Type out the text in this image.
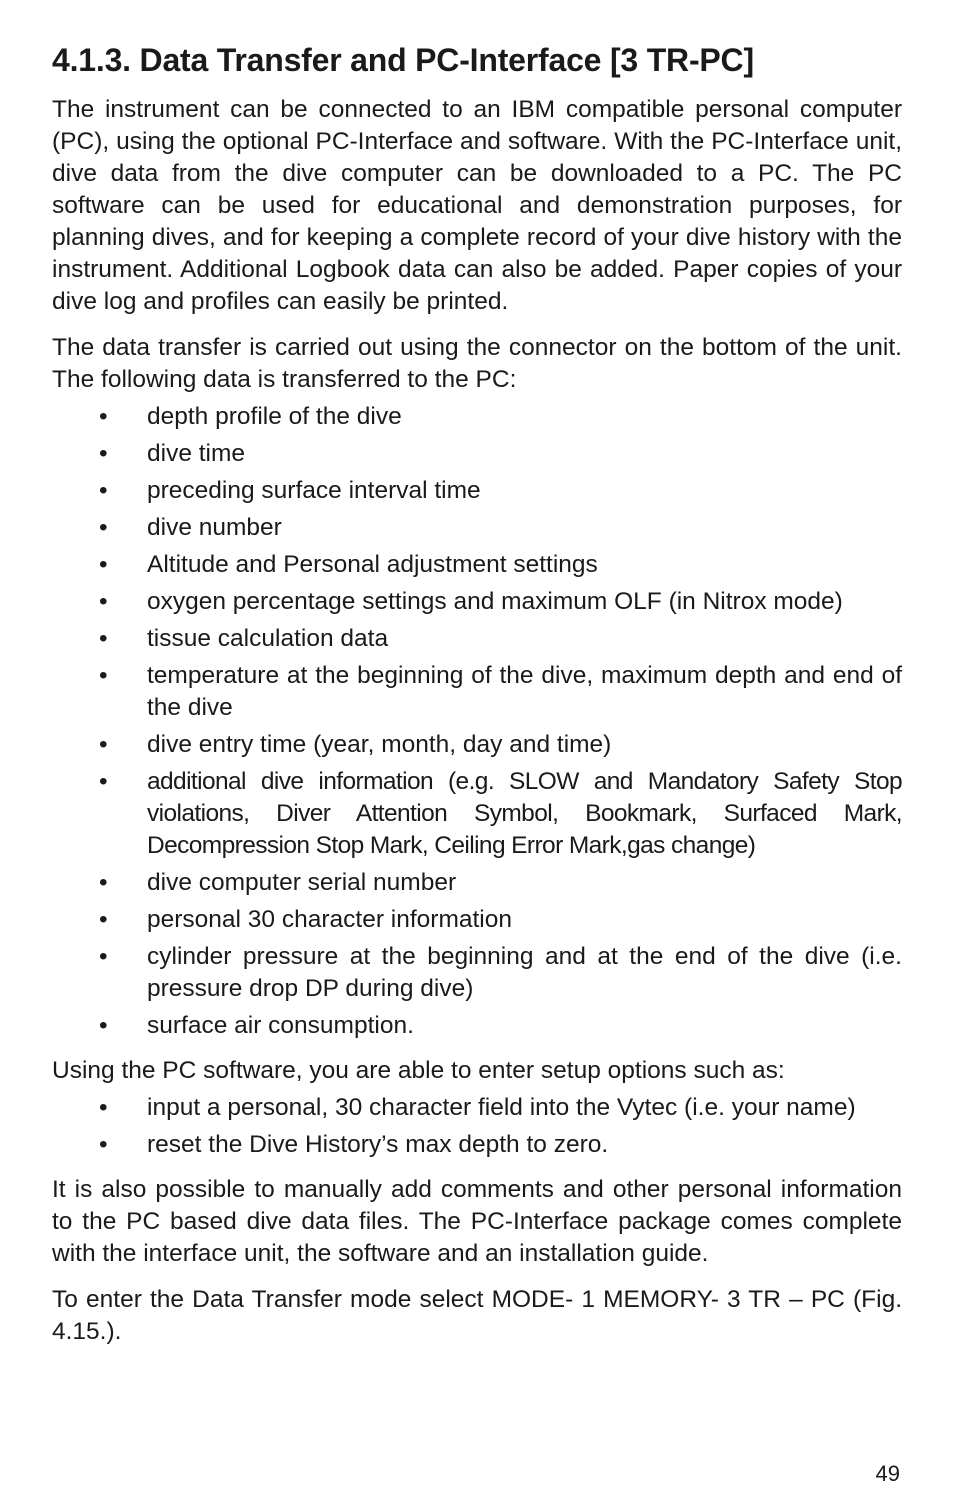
4.1.3. Data Transfer and PC-Interface [3 TR-PC]

The instrument can be connected to an IBM compatible personal computer (PC), using the optional PC-Interface and software. With the PC-Interface unit, dive data from the dive computer can be downloaded to a PC. The PC software can be used for educational and demonstration purposes, for planning dives, and for keeping a complete record of your dive history with the instrument. Additional Logbook data can also be added. Paper copies of your dive log and profiles can easily be printed.

The data transfer is carried out using the connector on the bottom of the unit. The following data is transferred to the PC:

• depth profile of the dive
• dive time
• preceding surface interval time
• dive number
• Altitude and Personal adjustment settings
• oxygen percentage settings and maximum OLF (in Nitrox mode)
• tissue calculation data
• temperature at the beginning of the dive, maximum depth and end of the dive
• dive entry time (year, month, day and time)
• additional dive information (e.g. SLOW and Mandatory Safety Stop violations, Diver Attention Symbol, Bookmark, Surfaced Mark, Decompression Stop Mark, Ceiling Error Mark,gas change)
• dive computer serial number
• personal 30 character information
• cylinder pressure at the beginning and at the end of the dive (i.e. pressure drop DP during dive)
• surface air consumption.

Using the PC software, you are able to enter setup options such as:

• input a personal, 30 character field into the Vytec (i.e. your name)
• reset the Dive History’s max depth to zero.

It is also possible to manually add comments and other personal information to the PC based dive data files. The PC-Interface package comes complete with the interface unit, the software and an installation guide.

To enter the Data Transfer mode select MODE- 1 MEMORY- 3 TR – PC (Fig. 4.15.).

49
